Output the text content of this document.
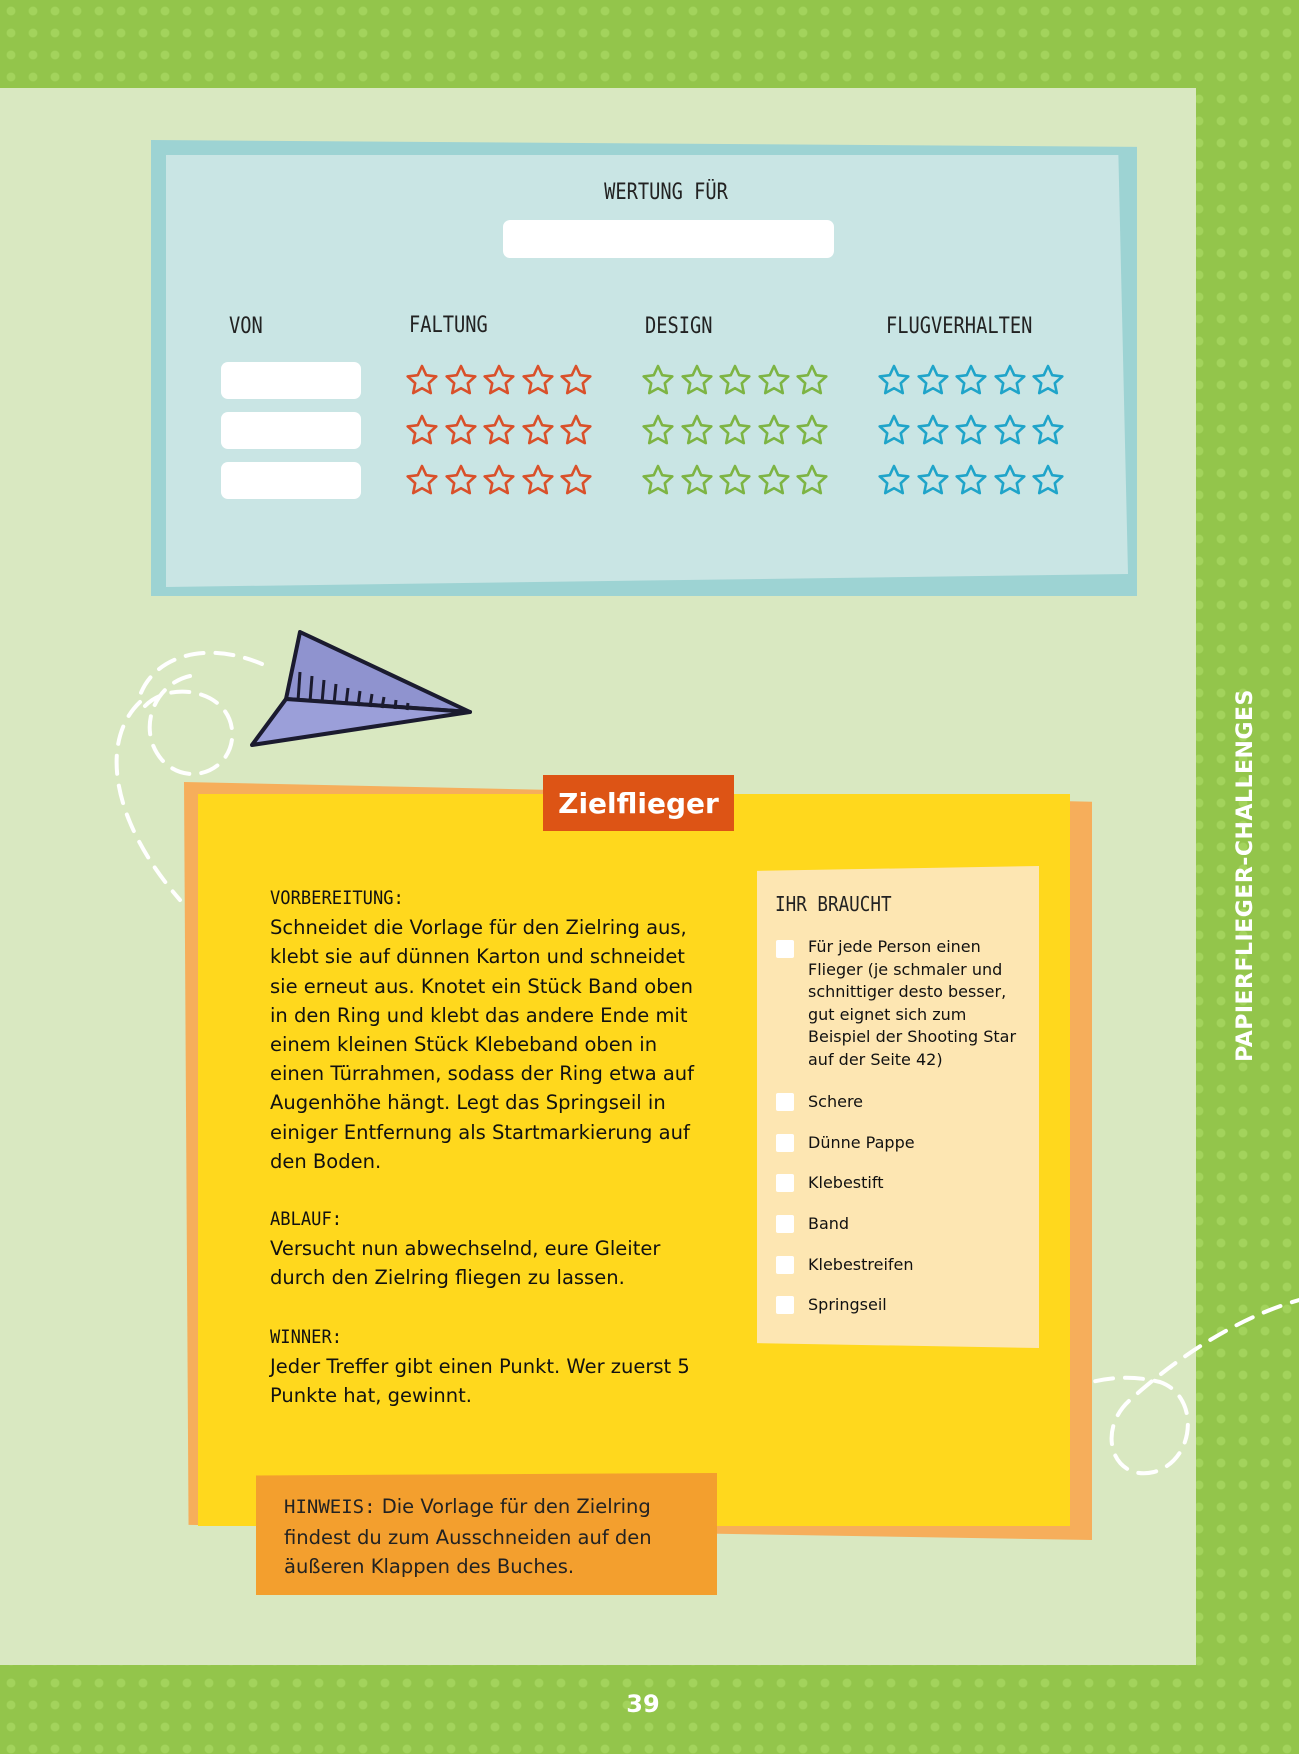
PAPIERFLIEGER-CHALLENGES
39
WERTUNG FÜR
VON	FALTUNG	DESIGN	FLUGVERHALTEN
Zielflieger
VORBEREITUNG:
Schneidet die Vorlage für den Zielring aus, klebt sie auf dünnen Karton und schneidet sie erneut aus. Knotet ein Stück Band oben in den Ring und klebt das andere Ende mit einem kleinen Stück Klebeband oben in einen Türrahmen, sodass der Ring etwa auf Augenhöhe hängt. Legt das Springseil in einiger Entfernung als Startmarkierung auf den Boden.
ABLAUF:
Versucht nun abwechselnd, eure Gleiter durch den Zielring fliegen zu lassen.
WINNER:
Jeder Treffer gibt einen Punkt. Wer zuerst 5 Punkte hat, gewinnt.
IHR BRAUCHT
Für jede Person einen Flieger (je schmaler und schnittiger desto besser, gut eignet sich zum Beispiel der Shooting Star auf der Seite 42)
Schere
Dünne Pappe
Klebestift
Band
Klebestreifen
Springseil
HINWEIS: Die Vorlage für den Zielring findest du zum Ausschneiden auf den äußeren Klappen des Buches.
